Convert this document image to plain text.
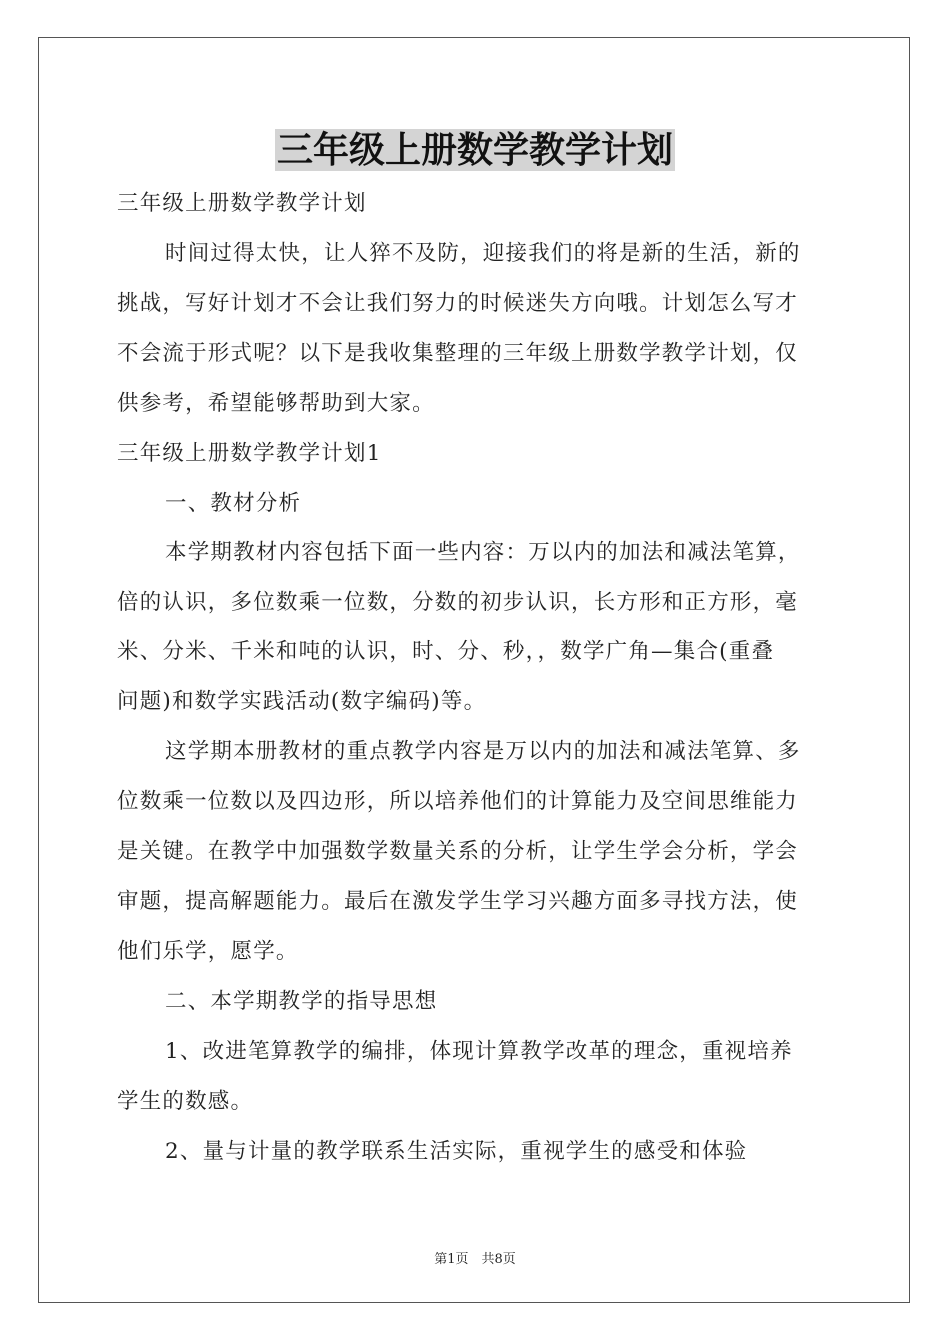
三年级上册数学教学计划
三年级上册数学教学计划
时间过得太快，让人猝不及防，迎接我们的将是新的生活，新的
挑战，写好计划才不会让我们努力的时候迷失方向哦。计划怎么写才
不会流于形式呢？以下是我收集整理的三年级上册数学教学计划，仅
供参考，希望能够帮助到大家。
三年级上册数学教学计划1
一、教材分析
本学期教材内容包括下面一些内容：万以内的加法和减法笔算，
倍的认识，多位数乘一位数，分数的初步认识，长方形和正方形，毫
米、分米、千米和吨的认识，时、分、秒，，数学广角—集合(重叠
问题)和数学实践活动(数字编码)等。
这学期本册教材的重点教学内容是万以内的加法和减法笔算、多
位数乘一位数以及四边形，所以培养他们的计算能力及空间思维能力
是关键。在教学中加强数学数量关系的分析，让学生学会分析，学会
审题，提高解题能力。最后在激发学生学习兴趣方面多寻找方法，使
他们乐学，愿学。
二、本学期教学的指导思想
1、改进笔算教学的编排，体现计算教学改革的理念，重视培养
学生的数感。
2、量与计量的教学联系生活实际，重视学生的感受和体验
第1页　共8页
